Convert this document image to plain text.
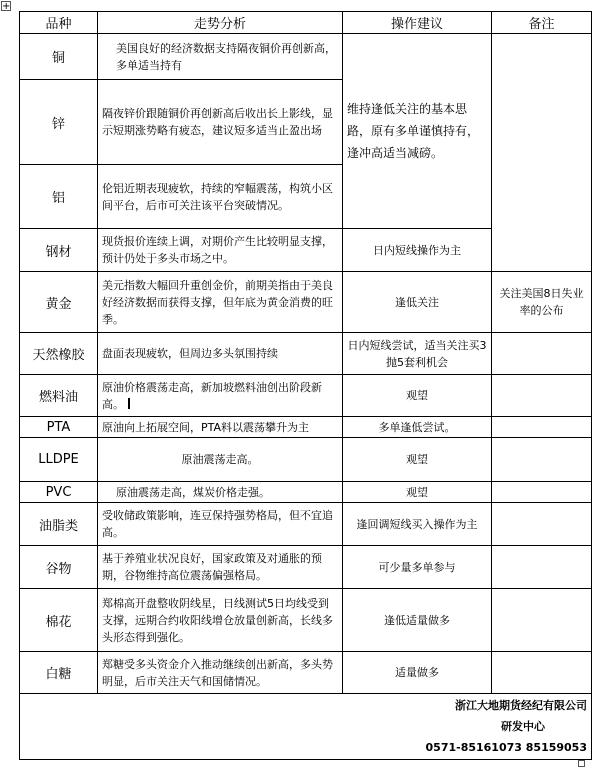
+
品种	走势分析	操作建议	备注
铜	美国良好的经济数据支持隔夜铜价再创新高，多单适当持有	维持逢低关注的基本思路，原有多单谨慎持有，逢冲高适当减磅。	
锌	隔夜锌价跟随铜价再创新高后收出长上影线，显示短期涨势略有疲态，建议短多适当止盈出场		
铝	伦铝近期表现疲软，持续的窄幅震荡，构筑小区间平台，后市可关注该平台突破情况。		
钢材	现货报价连续上调，对期价产生比较明显支撑，预计仍处于多头市场之中。	日内短线操作为主	
黄金	美元指数大幅回升重创金价，前期美指由于美良好经济数据而获得支撑，但年底为黄金消费的旺季。	逢低关注	关注美国8日失业率的公布
天然橡胶	盘面表现疲软，但周边多头氛围持续	日内短线尝试，适当关注买3抛5套利机会	
燃料油	原油价格震荡走高，新加坡燃料油创出阶段新高。	观望	
PTA	原油向上拓展空间，PTA料以震荡攀升为主	多单逢低尝试。	
LLDPE	原油震荡走高。	观望	
PVC	原油震荡走高，煤炭价格走强。	观望	
油脂类	受收储政策影响，连豆保持强势格局，但不宜追高。	逢回调短线买入操作为主	
谷物	基于养殖业状况良好，国家政策及对通胀的预期，谷物维持高位震荡偏强格局。	可少量多单参与	
棉花	郑棉高开盘整收阴线星，日线测试5日均线受到支撑，远期合约收阳线增仓放量创新高，长线多头形态得到强化。	逢低适量做多	
白糖	郑糖受多头资金介入推动继续创出新高，多头势明显，后市关注天气和国储情况。	适量做多	

浙江大地期货经纪有限公司
研发中心
0571-85161073 85159053			
